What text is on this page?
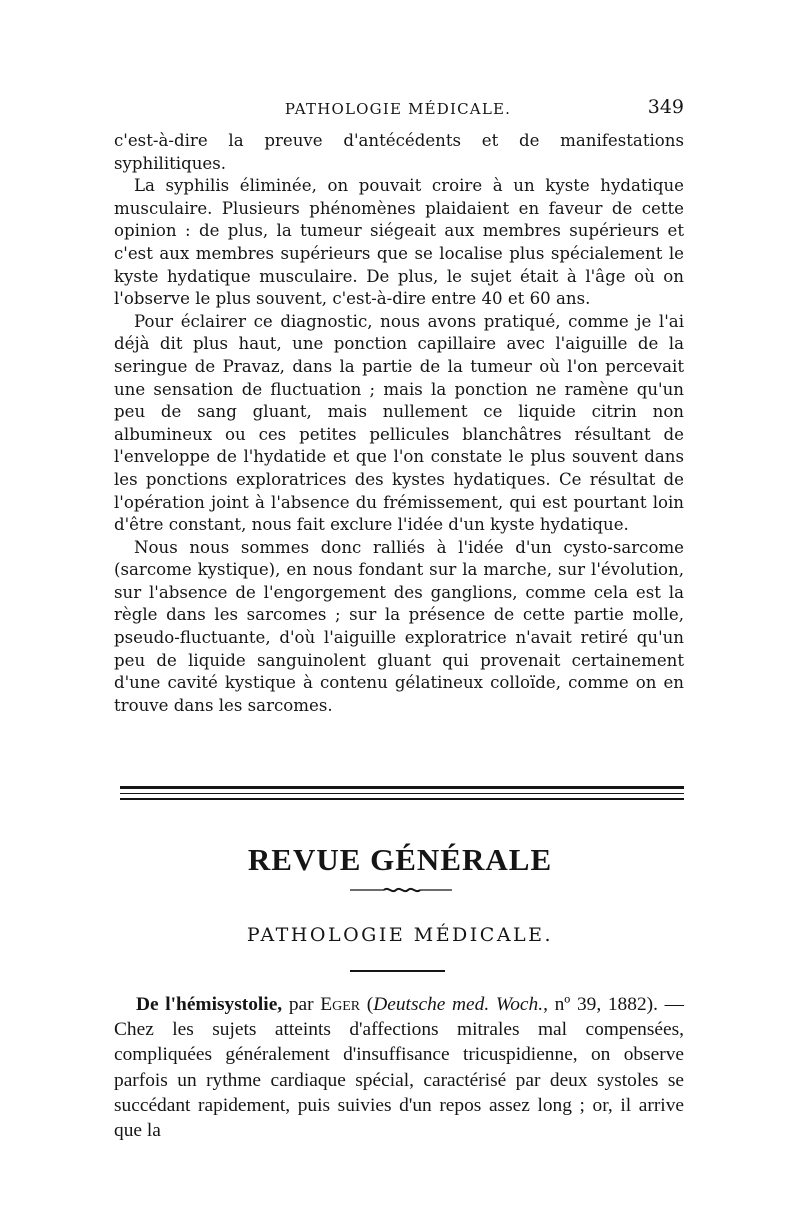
PATHOLOGIE MÉDICALE.	349

c'est-à-dire la preuve d'antécédents et de manifestations syphilitiques.

La syphilis éliminée, on pouvait croire à un kyste hydatique musculaire. Plusieurs phénomènes plaidaient en faveur de cette opinion : de plus, la tumeur siégeait aux membres supérieurs et c'est aux membres supérieurs que se localise plus spécialement le kyste hydatique musculaire. De plus, le sujet était à l'âge où on l'observe le plus souvent, c'est-à-dire entre 40 et 60 ans.

Pour éclairer ce diagnostic, nous avons pratiqué, comme je l'ai déjà dit plus haut, une ponction capillaire avec l'aiguille de la seringue de Pravaz, dans la partie de la tumeur où l'on percevait une sensation de fluctuation ; mais la ponction ne ramène qu'un peu de sang gluant, mais nullement ce liquide citrin non albumineux ou ces petites pellicules blanchâtres résultant de l'enveloppe de l'hydatide et que l'on constate le plus souvent dans les ponctions exploratrices des kystes hydatiques. Ce résultat de l'opération joint à l'absence du frémissement, qui est pourtant loin d'être constant, nous fait exclure l'idée d'un kyste hydatique.

Nous nous sommes donc ralliés à l'idée d'un cysto-sarcome (sarcome kystique), en nous fondant sur la marche, sur l'évolution, sur l'absence de l'engorgement des ganglions, comme cela est la règle dans les sarcomes ; sur la présence de cette partie molle, pseudo-fluctuante, d'où l'aiguille exploratrice n'avait retiré qu'un peu de liquide sanguinolent gluant qui provenait certainement d'une cavité kystique à contenu gélatineux colloïde, comme on en trouve dans les sarcomes.

REVUE GÉNÉRALE
PATHOLOGIE MÉDICALE.

De l'hémisystolie, par Eger (Deutsche med. Woch., nº 39, 1882). — Chez les sujets atteints d'affections mitrales mal compensées, compliquées généralement d'insuffisance tricuspidienne, on observe parfois un rythme cardiaque spécial, caractérisé par deux systoles se succédant rapidement, puis suivies d'un repos assez long ; or, il arrive que la
